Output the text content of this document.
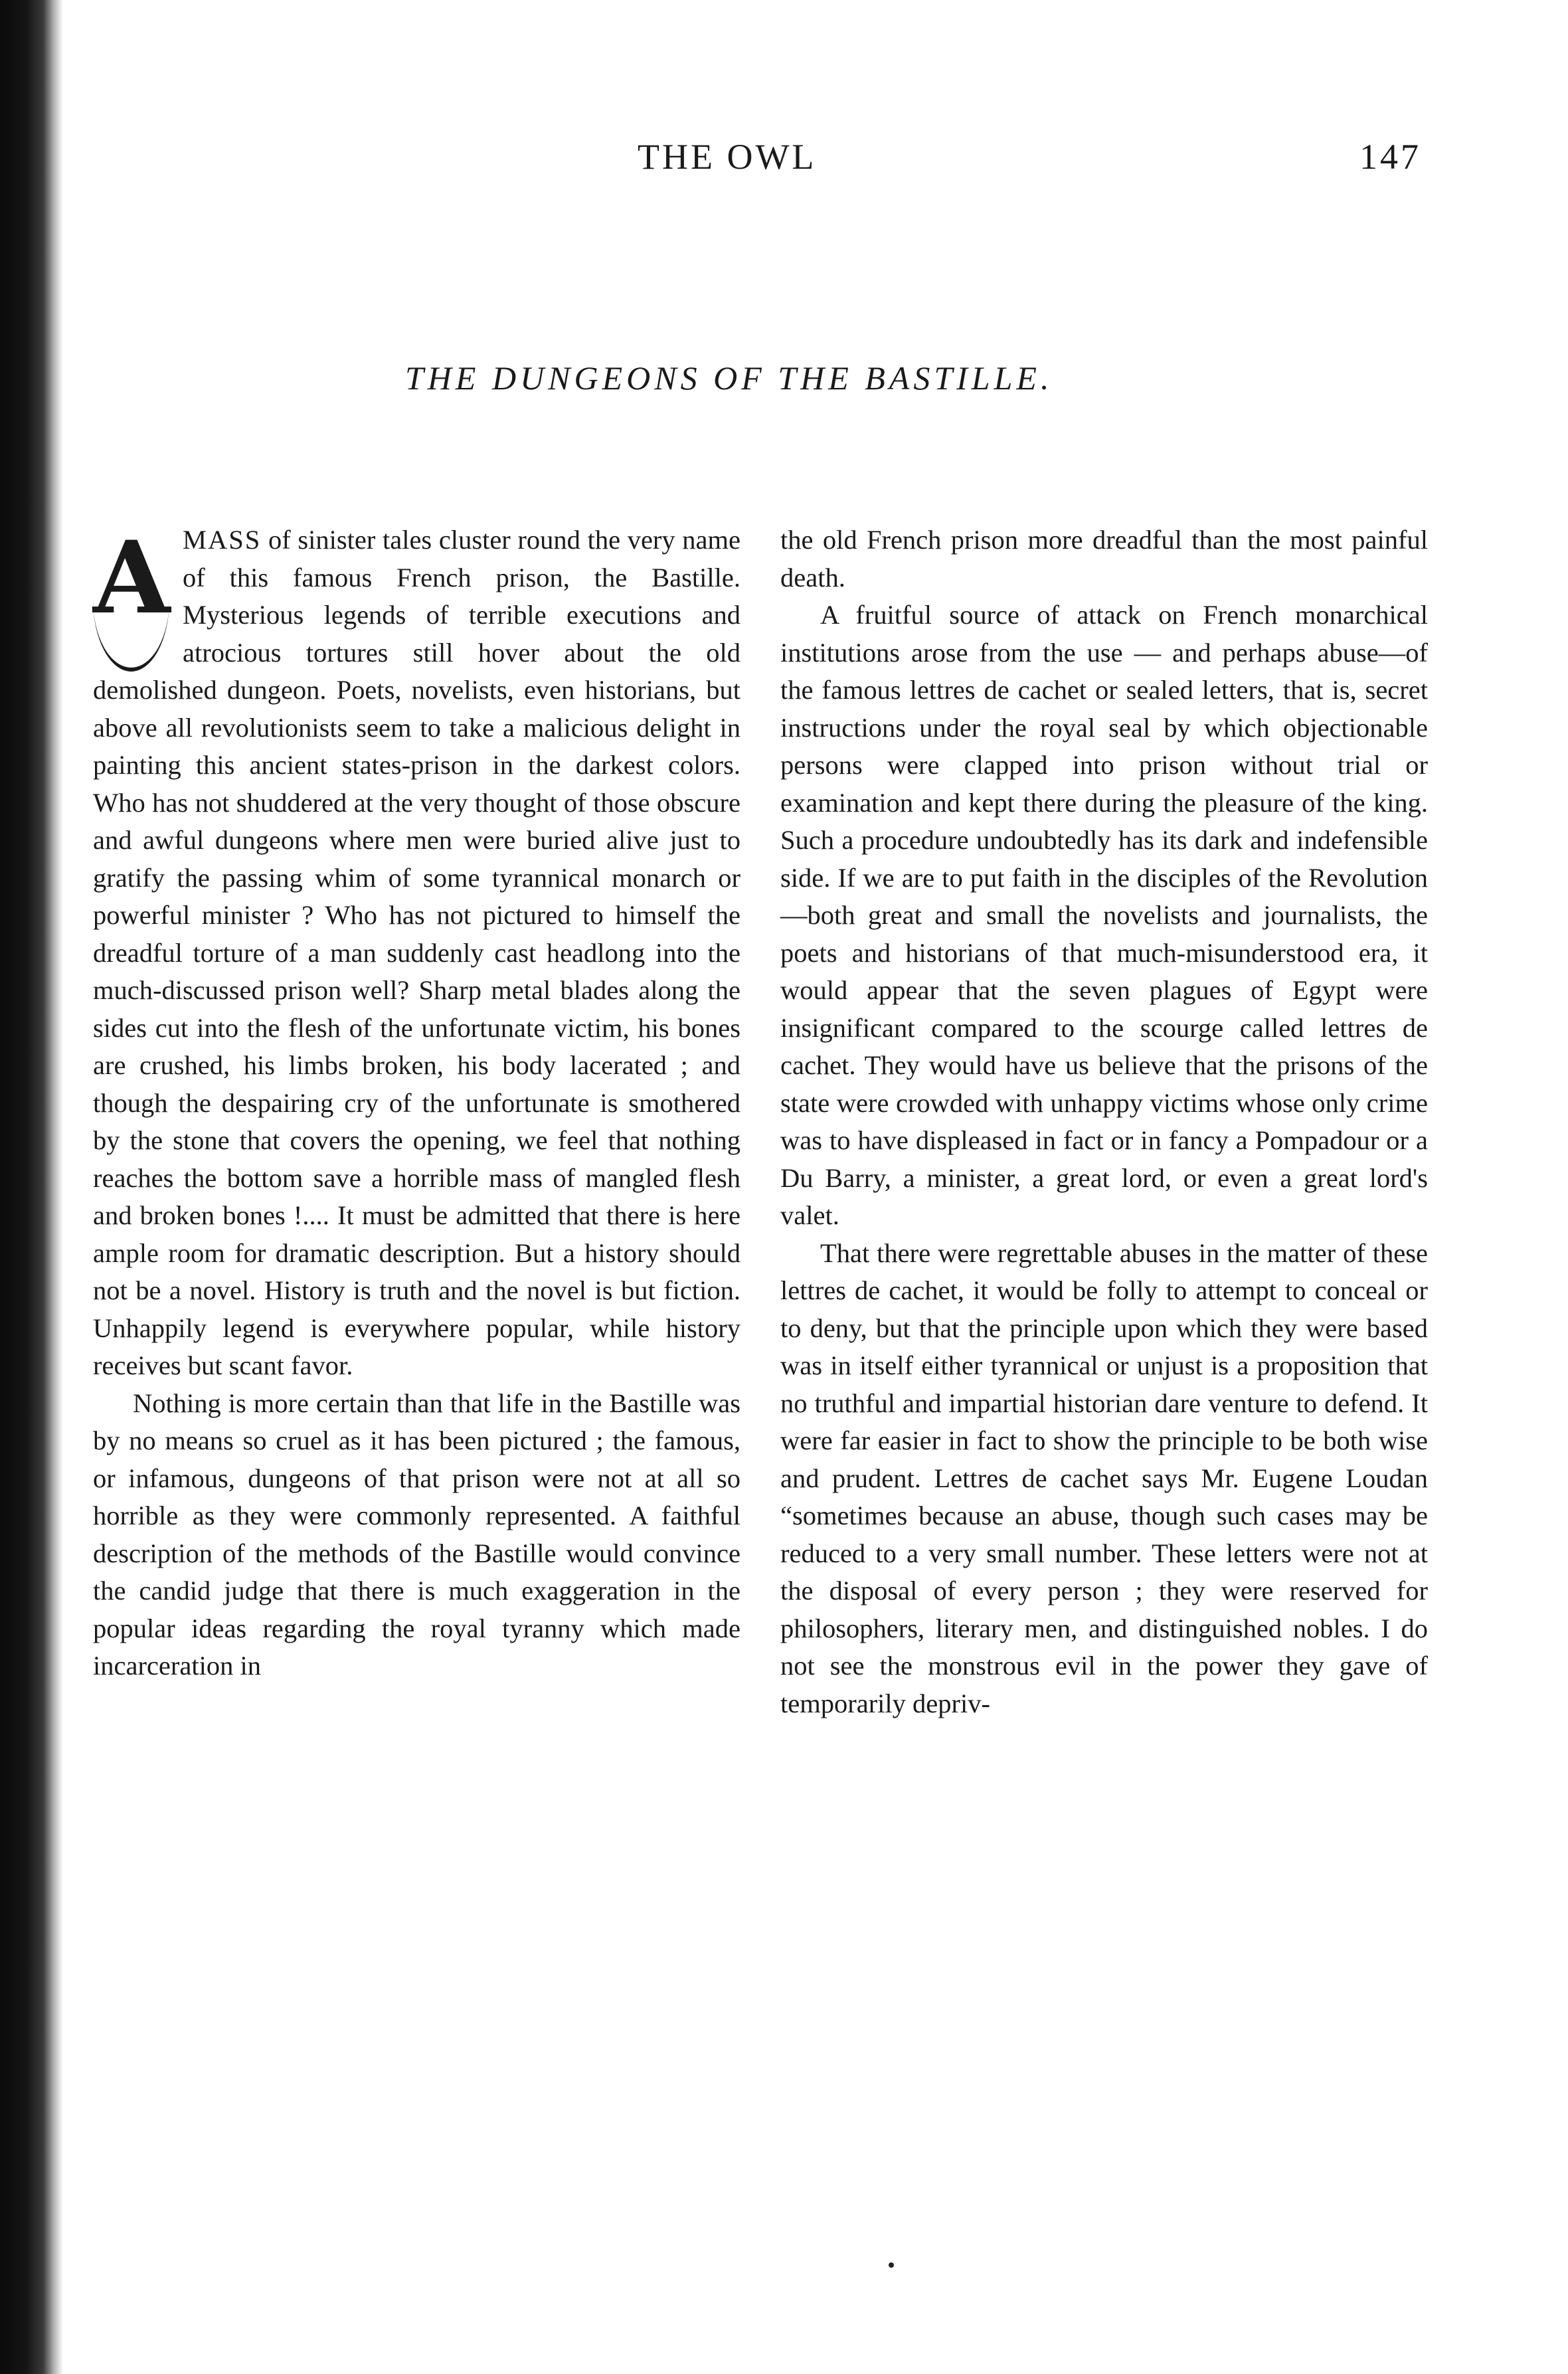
THE OWL	147
THE DUNGEONS OF THE BASTILLE.

A MASS of sinister tales cluster round the very name of this famous French prison, the Bastille. Mysterious legends of terrible executions and atrocious tortures still hover about the old demolished dungeon. Poets, novelists, even historians, but above all revolutionists seem to take a malicious delight in painting this ancient states-prison in the darkest colors. Who has not shuddered at the very thought of those obscure and awful dungeons where men were buried alive just to gratify the passing whim of some tyrannical monarch or powerful minister ? Who has not pictured to himself the dreadful torture of a man suddenly cast headlong into the much-discussed prison well? Sharp metal blades along the sides cut into the flesh of the unfortunate victim, his bones are crushed, his limbs broken, his body lacerated ; and though the despairing cry of the unfortunate is smothered by the stone that covers the opening, we feel that nothing reaches the bottom save a horrible mass of mangled flesh and broken bones !.... It must be admitted that there is here ample room for dramatic description. But a history should not be a novel. History is truth and the novel is but fiction. Unhappily legend is everywhere popular, while history receives but scant favor.

Nothing is more certain than that life in the Bastille was by no means so cruel as it has been pictured ; the famous, or infamous, dungeons of that prison were not at all so horrible as they were commonly represented. A faithful description of the methods of the Bastille would convince the candid judge that there is much exaggeration in the popular ideas regarding the royal tyranny which made incarceration in

the old French prison more dreadful than the most painful death.

A fruitful source of attack on French monarchical institutions arose from the use — and perhaps abuse—of the famous lettres de cachet or sealed letters, that is, secret instructions under the royal seal by which objectionable persons were clapped into prison without trial or examination and kept there during the pleasure of the king. Such a procedure undoubtedly has its dark and indefensible side. If we are to put faith in the disciples of the Revolution —both great and small the novelists and journalists, the poets and historians of that much-misunderstood era, it would appear that the seven plagues of Egypt were insignificant compared to the scourge called lettres de cachet. They would have us believe that the prisons of the state were crowded with unhappy victims whose only crime was to have displeased in fact or in fancy a Pompadour or a Du Barry, a minister, a great lord, or even a great lord's valet.

That there were regrettable abuses in the matter of these lettres de cachet, it would be folly to attempt to conceal or to deny, but that the principle upon which they were based was in itself either tyrannical or unjust is a proposition that no truthful and impartial historian dare venture to defend. It were far easier in fact to show the principle to be both wise and prudent. Lettres de cachet says Mr. Eugene Loudan “sometimes because an abuse, though such cases may be reduced to a very small number. These letters were not at the disposal of every person ; they were reserved for philosophers, literary men, and distinguished nobles. I do not see the monstrous evil in the power they gave of temporarily depriv-
